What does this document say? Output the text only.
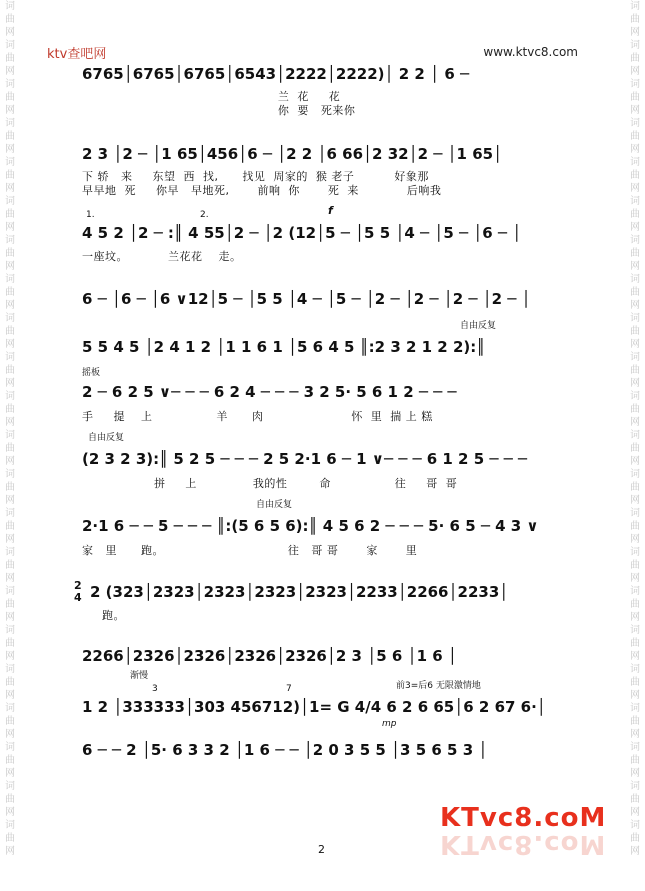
词
曲
网
词
曲
网
词
曲
网
词
曲
网
词
曲
网
词
曲
网
词
曲
网
词
曲
网
词
曲
网
词
曲
网
词
曲
网
词
曲
网
词
曲
网
词
曲
网
词
曲
网
词
曲
网
词
曲
网
词
曲
网
词
曲
网
词
曲
网
词
曲
网
词
曲
网
词
曲
网
词
曲
网
词
曲
网
词
曲
网
词
曲
网
词
曲
网
词
曲
网
词
曲
网
词
曲
网
词
曲
网
词
曲
网
词
曲
网
词
曲
网
词
曲
网
词
曲
网
词
曲
网
词
曲
网
词
曲
网
词
曲
网
词
曲
网
词
曲
网
词
曲
网
ktv查吧网	www.ktvc8.com
6765│6765│6765│6543│2222│2222)│ 2 2 │ 6 ─
兰  花     花
你  要   死来你
2 3 │2 ─ │1 65│456│6 ─ │2 2 │6 66│2 32│2 ─ │1 65│
下 轿   来     东望  西  找,      找见  周家的  猴 老子          好象那
早早地  死     你早   早地死,       前响  你       死  来            后响我
1.	2.	f
4 5 2 │2 ─ :║ 4 55│2 ─ │2 (12│5 ─ │5 5 │4 ─ │5 ─ │6 ─ │
一座坟。          兰花花    走。
6 ─ │6 ─ │6 ∨12│5 ─ │5 5 │4 ─ │5 ─ │2 ─ │2 ─ │2 ─ │2 ─ │
自由反复
5 5 4 5 │2 4 1 2 │1 1 6 1 │5 6 4 5 ║:2 3 2 1 2 2):║
摇板
2 ─ 6 2 5 ∨─ ─ ─ 6 2 4 ─ ─ ─ 3 2 5· 5 6 1 2 ─ ─ ─
手     提    上                羊      肉                      怀  里  揣 上 糕
自由反复
(2 3 2 3):║ 5 2 5 ─ ─ ─ 2 5 2·1 6 ─ 1 ∨─ ─ ─ 6 1 2 5 ─ ─ ─
拼     上              我的性        命                往     哥  哥
自由反复
2·1 6 ─ ─ 5 ─ ─ ─ ║:(5 6 5 6):║ 4 5 6 2 ─ ─ ─ 5· 6 5 ─ 4 3 ∨
家   里      跑。                               往   哥 哥       家       里
2
4 2 (323│2323│2323│2323│2323│2233│2266│2233│
跑。
2266│2326│2326│2326│2326│2 3 │5 6 │1 6 │
渐慢
前3=后6 无限激情地
3	7
1 2 │333333│303 456712)│1= G 4/4 6 2 6 65│6 2 67 6·│
mp
6 ─ ─ 2 │5· 6 3 3 2 │1 6 ─ ─ │2 0 3 5 5 │3 5 6 5 3 │
2
KTvc8.coM
KTvc8.coM
